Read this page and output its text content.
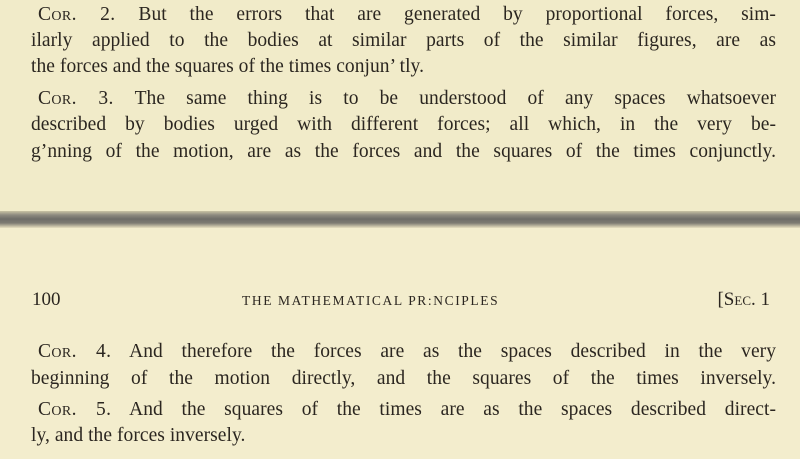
Cor. 2. But the errors that are generated by proportional forces, sim-
ilarly applied to the bodies at similar parts of the similar figures, are as
the forces and the squares of the times conjun’ tly.
Cor. 3. The same thing is to be understood of any spaces whatsoever
described by bodies urged with different forces; all which, in the very be-
g’nning of the motion, are as the forces and the squares of the times conjunctly.
100	THE MATHEMATICAL PR:NCIPLES	[Sec. 1
Cor. 4. And therefore the forces are as the spaces described in the very
beginning of the motion directly, and the squares of the times inversely.
Cor. 5. And the squares of the times are as the spaces described direct-
ly, and the forces inversely.
